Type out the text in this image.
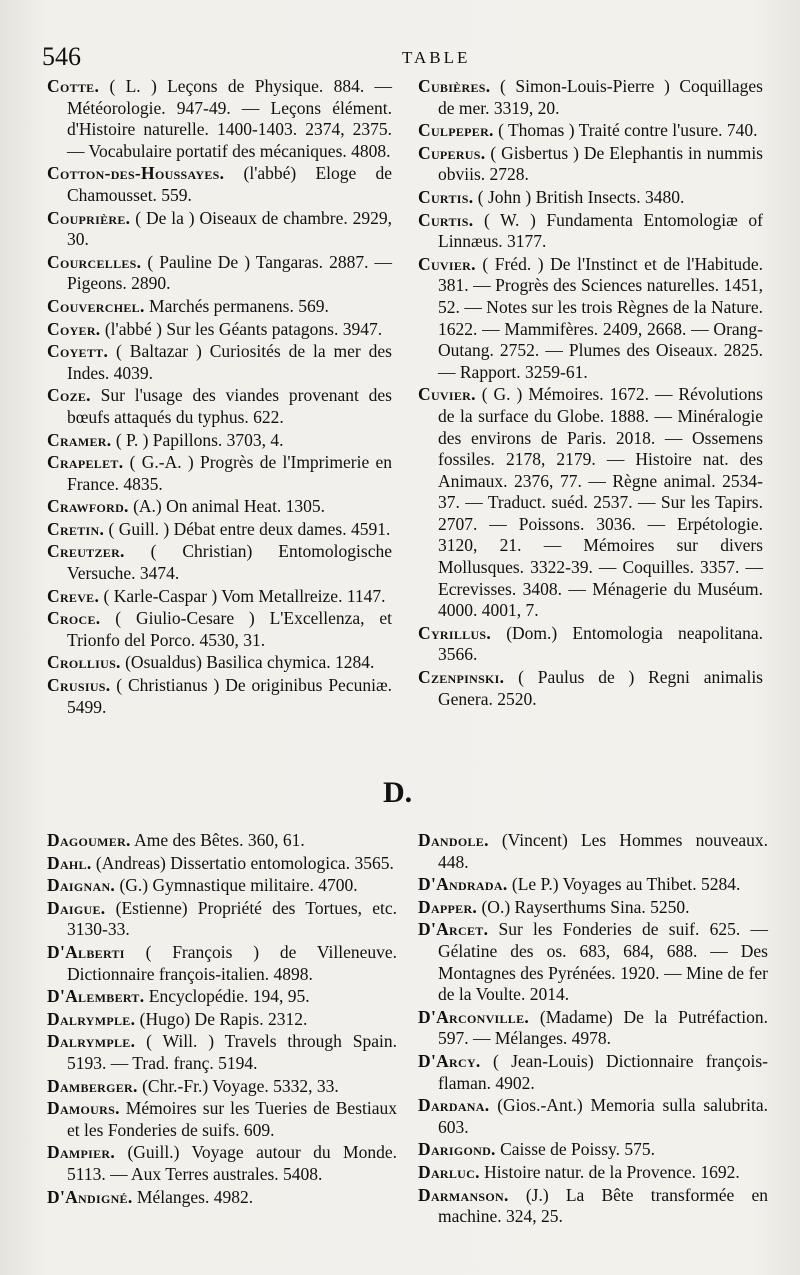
546	TABLE

Cotte. ( L. ) Leçons de Physique. 884. — Météorologie. 947-49. — Leçons élément. d'Histoire naturelle. 1400-1403. 2374, 2375. — Vocabulaire portatif des mécaniques. 4808.

Cotton-des-Houssayes. (l'abbé) Eloge de Chamousset. 559.

Couprière. ( De la ) Oiseaux de chambre. 2929, 30.

Courcelles. ( Pauline De ) Tangaras. 2887. — Pigeons. 2890.

Couverchel. Marchés permanens. 569.

Coyer. (l'abbé ) Sur les Géants patagons. 3947.

Coyett. ( Baltazar ) Curiosités de la mer des Indes. 4039.

Coze. Sur l'usage des viandes provenant des bœufs attaqués du typhus. 622.

Cramer. ( P. ) Papillons. 3703, 4.

Crapelet. ( G.-A. ) Progrès de l'Imprimerie en France. 4835.

Crawford. (A.) On animal Heat. 1305.

Cretin. ( Guill. ) Débat entre deux dames. 4591.

Creutzer. ( Christian) Entomologische Versuche. 3474.

Creve. ( Karle-Caspar ) Vom Metallreize. 1147.

Croce. ( Giulio-Cesare ) L'Excellenza, et Trionfo del Porco. 4530, 31.

Crollius. (Osualdus) Basilica chymica. 1284.

Crusius. ( Christianus ) De originibus Pecuniæ. 5499.

Cubières. ( Simon-Louis-Pierre ) Coquillages de mer. 3319, 20.

Culpeper. ( Thomas ) Traité contre l'usure. 740.

Cuperus. ( Gisbertus ) De Elephantis in nummis obviis. 2728.

Curtis. ( John ) British Insects. 3480.

Curtis. ( W. ) Fundamenta Entomologiæ of Linnæus. 3177.

Cuvier. ( Fréd. ) De l'Instinct et de l'Habitude. 381. — Progrès des Sciences naturelles. 1451, 52. — Notes sur les trois Règnes de la Nature. 1622. — Mammifères. 2409, 2668. — Orang-Outang. 2752. — Plumes des Oiseaux. 2825. — Rapport. 3259-61.

Cuvier. ( G. ) Mémoires. 1672. — Révolutions de la surface du Globe. 1888. — Minéralogie des environs de Paris. 2018. — Ossemens fossiles. 2178, 2179. — Histoire nat. des Animaux. 2376, 77. — Règne animal. 2534-37. — Traduct. suéd. 2537. — Sur les Tapirs. 2707. — Poissons. 3036. — Erpétologie. 3120, 21. — Mémoires sur divers Mollusques. 3322-39. — Coquilles. 3357. — Ecrevisses. 3408. — Ménagerie du Muséum. 4000. 4001, 7.

Cyrillus. (Dom.) Entomologia neapolitana. 3566.

Czenpinski. ( Paulus de ) Regni animalis Genera. 2520.

D.

Dagoumer. Ame des Bêtes. 360, 61.

Dahl. (Andreas) Dissertatio entomologica. 3565.

Daignan. (G.) Gymnastique militaire. 4700.

Daigue. (Estienne) Propriété des Tortues, etc. 3130-33.

D'Alberti ( François ) de Villeneuve. Dictionnaire françois-italien. 4898.

D'Alembert. Encyclopédie. 194, 95.

Dalrymple. (Hugo) De Rapis. 2312.

Dalrymple. ( Will. ) Travels through Spain. 5193. — Trad. franç. 5194.

Damberger. (Chr.-Fr.) Voyage. 5332, 33.

Damours. Mémoires sur les Tueries de Bestiaux et les Fonderies de suifs. 609.

Dampier. (Guill.) Voyage autour du Monde. 5113. — Aux Terres australes. 5408.

D'Andigné. Mélanges. 4982.

Dandole. (Vincent) Les Hommes nouveaux. 448.

D'Andrada. (Le P.) Voyages au Thibet. 5284.

Dapper. (O.) Rayserthums Sina. 5250.

D'Arcet. Sur les Fonderies de suif. 625. — Gélatine des os. 683, 684, 688. — Des Montagnes des Pyrénées. 1920. — Mine de fer de la Voulte. 2014.

D'Arconville. (Madame) De la Putréfaction. 597. — Mélanges. 4978.

D'Arcy. ( Jean-Louis) Dictionnaire françois-flaman. 4902.

Dardana. (Gios.-Ant.) Memoria sulla salubrita. 603.

Darigond. Caisse de Poissy. 575.

Darluc. Histoire natur. de la Provence. 1692.

Darmanson. (J.) La Bête transformée en machine. 324, 25.
